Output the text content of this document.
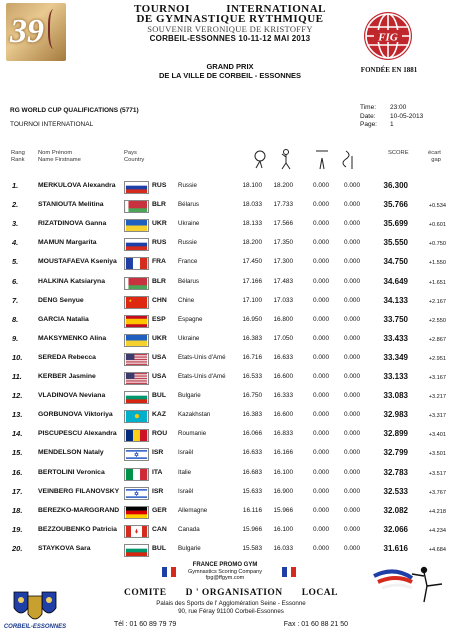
39
TOURNOI	INTERNATIONAL
DE GYMNASTIQUE RYTHMIQUE
SOUVENIR VERONIQUE DE KRISTOFFY
CORBEIL-ESSONNES 10-11-12 MAI 2013	FIG
FONDÉE EN 1881
GRAND PRIX
DE LA VILLE DE CORBEIL - ESSONNES
RG WORLD CUP QUALIFICATIONS (5771)
TOURNOI INTERNATIONAL
Time:	23:00
Date:	10-05-2013
Page:	1
Rang
Rank
Nom Prénom
Name Firstname
Pays
Country
SCORE	écart
gap
1.	MERKULOVA Alexandra	RUS Russie	18.100	18.200	0.000	0.000	36.300
2.	STANIOUTA Melitina	BLR Bélarus	18.033	17.733	0.000	0.000	35.766	+0.534
3.	RIZATDINOVA Ganna	UKR Ukraine	18.133	17.566	0.000	0.000	35.699	+0.601
4.	MAMUN Margarita	RUS Russie	18.200	17.350	0.000	0.000	35.550	+0.750
5.	MOUSTAFAEVA Kseniya	FRA France	17.450	17.300	0.000	0.000	34.750	+1.550
6.	HALKINA Katsiaryna	BLR Bélarus	17.166	17.483	0.000	0.000	34.649	+1.651
7.	DENG Senyue	★	CHN Chine	17.100	17.033	0.000	0.000	34.133	+2.167
8.	GARCIA Natalia	ESP Espagne	16.950	16.800	0.000	0.000	33.750	+2.550
9.	MAKSYMENKO Alina	UKR Ukraine	16.383	17.050	0.000	0.000	33.433	+2.867
10. SEREDA Rebecca	USA Etats-Unis d'Amé	16.716	16.633	0.000	0.000	33.349	+2.951
11. KERBER Jasmine	USA Etats-Unis d'Amé	16.533	16.600	0.000	0.000	33.133	+3.167
12. VLADINOVA Neviana	BUL Bulgarie	16.750	16.333	0.000	0.000	33.083	+3.217
13. GORBUNOVA Viktoriya	KAZ Kazakhstan	16.383	16.600	0.000	0.000	32.983	+3.317
14. PISCUPESCU Alexandra	ROU Roumanie	16.066	16.833	0.000	0.000	32.899	+3.401
15. MENDELSON Nataly	ISR Israël	16.633	16.166	0.000	0.000	32.799	+3.501
16. BERTOLINI Veronica	ITA	Italie	16.683	16.100	0.000	0.000	32.783	+3.517
17. VEINBERG FILANOVSKY	ISR Israël	15.633	16.900	0.000	0.000	32.533	+3.767
18. BEREZKO-MARGGRAND	GER Allemagne	16.116	15.966	0.000	0.000	32.082	+4.218
19. BEZZOUBENKO Patricia	CAN Canada	15.966	16.100	0.000	0.000	32.066	+4.234
20. STAYKOVA Sara	BUL Bulgarie	15.583	16.033	0.000	0.000	31.616	+4.684
FRANCE PROMO GYM
Gymnastics Scoring Company
fpg@ffgym.com
CORBEIL-ESSONNES
COMITE D ' ORGANISATION LOCAL
Palais des Sports de l' Agglomération Seine - Essonne
90, rue Féray 91100 Corbeil-Essonnes
Tél : 01 60 89 79 79	Fax : 01 60 88 21 50
